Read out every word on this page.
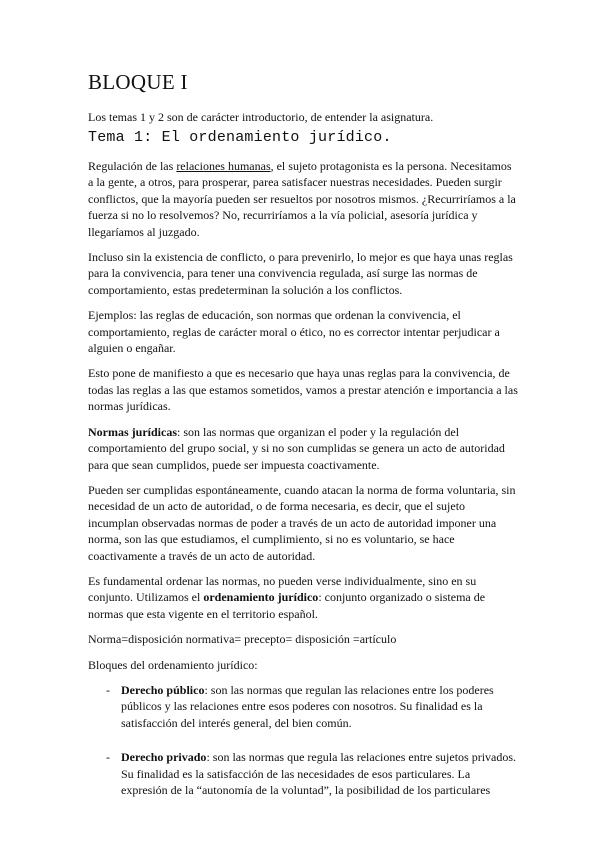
BLOQUE I
Los temas 1 y 2 son de carácter introductorio, de entender la asignatura.
Tema 1: El ordenamiento jurídico.

Regulación de las relaciones humanas, el sujeto protagonista es la persona. Necesitamos a la gente, a otros, para prosperar, parea satisfacer nuestras necesidades. Pueden surgir conflictos, que la mayoría pueden ser resueltos por nosotros mismos. ¿Recurriríamos a la fuerza si no lo resolvemos? No, recurriríamos a la vía policial, asesoría jurídica y llegaríamos al juzgado.

Incluso sin la existencia de conflicto, o para prevenirlo, lo mejor es que haya unas reglas para la convivencia, para tener una convivencia regulada, así surge las normas de comportamiento, estas predeterminan la solución a los conflictos.

Ejemplos: las reglas de educación, son normas que ordenan la convivencia, el comportamiento, reglas de carácter moral o ético, no es corrector intentar perjudicar a alguien o engañar.

Esto pone de manifiesto a que es necesario que haya unas reglas para la convivencia, de todas las reglas a las que estamos sometidos, vamos a prestar atención e importancia a las normas jurídicas.

Normas jurídicas: son las normas que organizan el poder y la regulación del comportamiento del grupo social, y si no son cumplidas se genera un acto de autoridad para que sean cumplidos, puede ser impuesta coactivamente.

Pueden ser cumplidas espontáneamente, cuando atacan la norma de forma voluntaria, sin necesidad de un acto de autoridad, o de forma necesaria, es decir, que el sujeto incumplan observadas normas de poder a través de un acto de autoridad imponer una norma, son las que estudiamos, el cumplimiento, si no es voluntario, se hace coactivamente a través de un acto de autoridad.

Es fundamental ordenar las normas, no pueden verse individualmente, sino en su conjunto. Utilizamos el ordenamiento jurídico: conjunto organizado o sistema de normas que esta vigente en el territorio español.

Norma=disposición normativa= precepto= disposición =artículo

Bloques del ordenamiento jurídico:

- Derecho público: son las normas que regulan las relaciones entre los poderes públicos y las relaciones entre esos poderes con nosotros. Su finalidad es la satisfacción del interés general, del bien común.
- Derecho privado: son las normas que regula las relaciones entre sujetos privados. Su finalidad es la satisfacción de las necesidades de esos particulares. La expresión de la “autonomía de la voluntad”, la posibilidad de los particulares
